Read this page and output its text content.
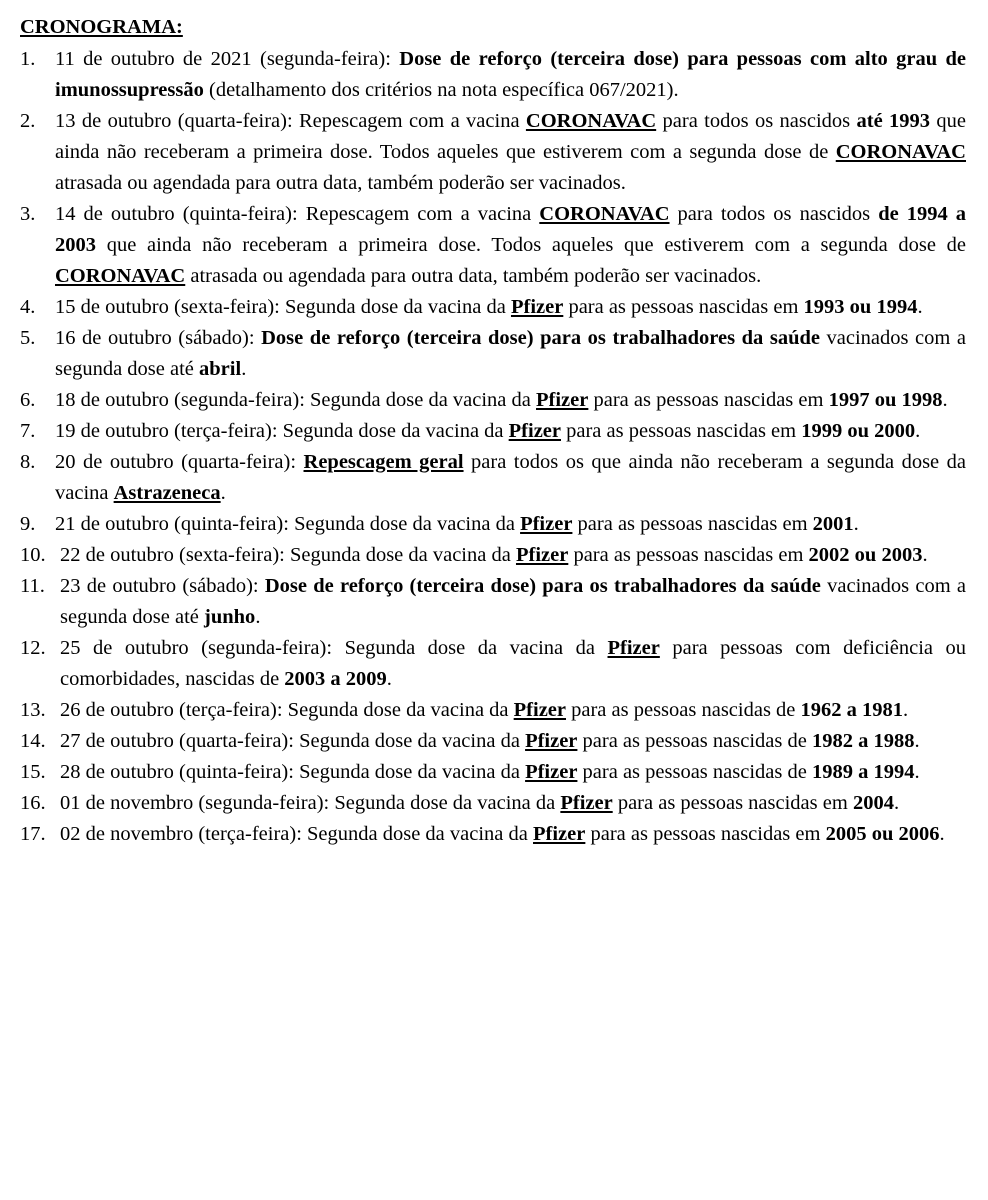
CRONOGRAMA:
1. 11 de outubro de 2021 (segunda-feira): Dose de reforço (terceira dose) para pessoas com alto grau de imunossupressão (detalhamento dos critérios na nota específica 067/2021).
2. 13 de outubro (quarta-feira): Repescagem com a vacina CORONAVAC para todos os nascidos até 1993 que ainda não receberam a primeira dose. Todos aqueles que estiverem com a segunda dose de CORONAVAC atrasada ou agendada para outra data, também poderão ser vacinados.
3. 14 de outubro (quinta-feira): Repescagem com a vacina CORONAVAC para todos os nascidos de 1994 a 2003 que ainda não receberam a primeira dose. Todos aqueles que estiverem com a segunda dose de CORONAVAC atrasada ou agendada para outra data, também poderão ser vacinados.
4. 15 de outubro (sexta-feira): Segunda dose da vacina da Pfizer para as pessoas nascidas em 1993 ou 1994.
5. 16 de outubro (sábado): Dose de reforço (terceira dose) para os trabalhadores da saúde vacinados com a segunda dose até abril.
6. 18 de outubro (segunda-feira): Segunda dose da vacina da Pfizer para as pessoas nascidas em 1997 ou 1998.
7. 19 de outubro (terça-feira): Segunda dose da vacina da Pfizer para as pessoas nascidas em 1999 ou 2000.
8. 20 de outubro (quarta-feira): Repescagem geral para todos os que ainda não receberam a segunda dose da vacina Astrazeneca.
9. 21 de outubro (quinta-feira): Segunda dose da vacina da Pfizer para as pessoas nascidas em 2001.
10. 22 de outubro (sexta-feira): Segunda dose da vacina da Pfizer para as pessoas nascidas em 2002 ou 2003.
11. 23 de outubro (sábado): Dose de reforço (terceira dose) para os trabalhadores da saúde vacinados com a segunda dose até junho.
12. 25 de outubro (segunda-feira): Segunda dose da vacina da Pfizer para pessoas com deficiência ou comorbidades, nascidas de 2003 a 2009.
13. 26 de outubro (terça-feira): Segunda dose da vacina da Pfizer para as pessoas nascidas de 1962 a 1981.
14. 27 de outubro (quarta-feira): Segunda dose da vacina da Pfizer para as pessoas nascidas de 1982 a 1988.
15. 28 de outubro (quinta-feira): Segunda dose da vacina da Pfizer para as pessoas nascidas de 1989 a 1994.
16. 01 de novembro (segunda-feira): Segunda dose da vacina da Pfizer para as pessoas nascidas em 2004.
17. 02 de novembro (terça-feira): Segunda dose da vacina da Pfizer para as pessoas nascidas em 2005 ou 2006.
